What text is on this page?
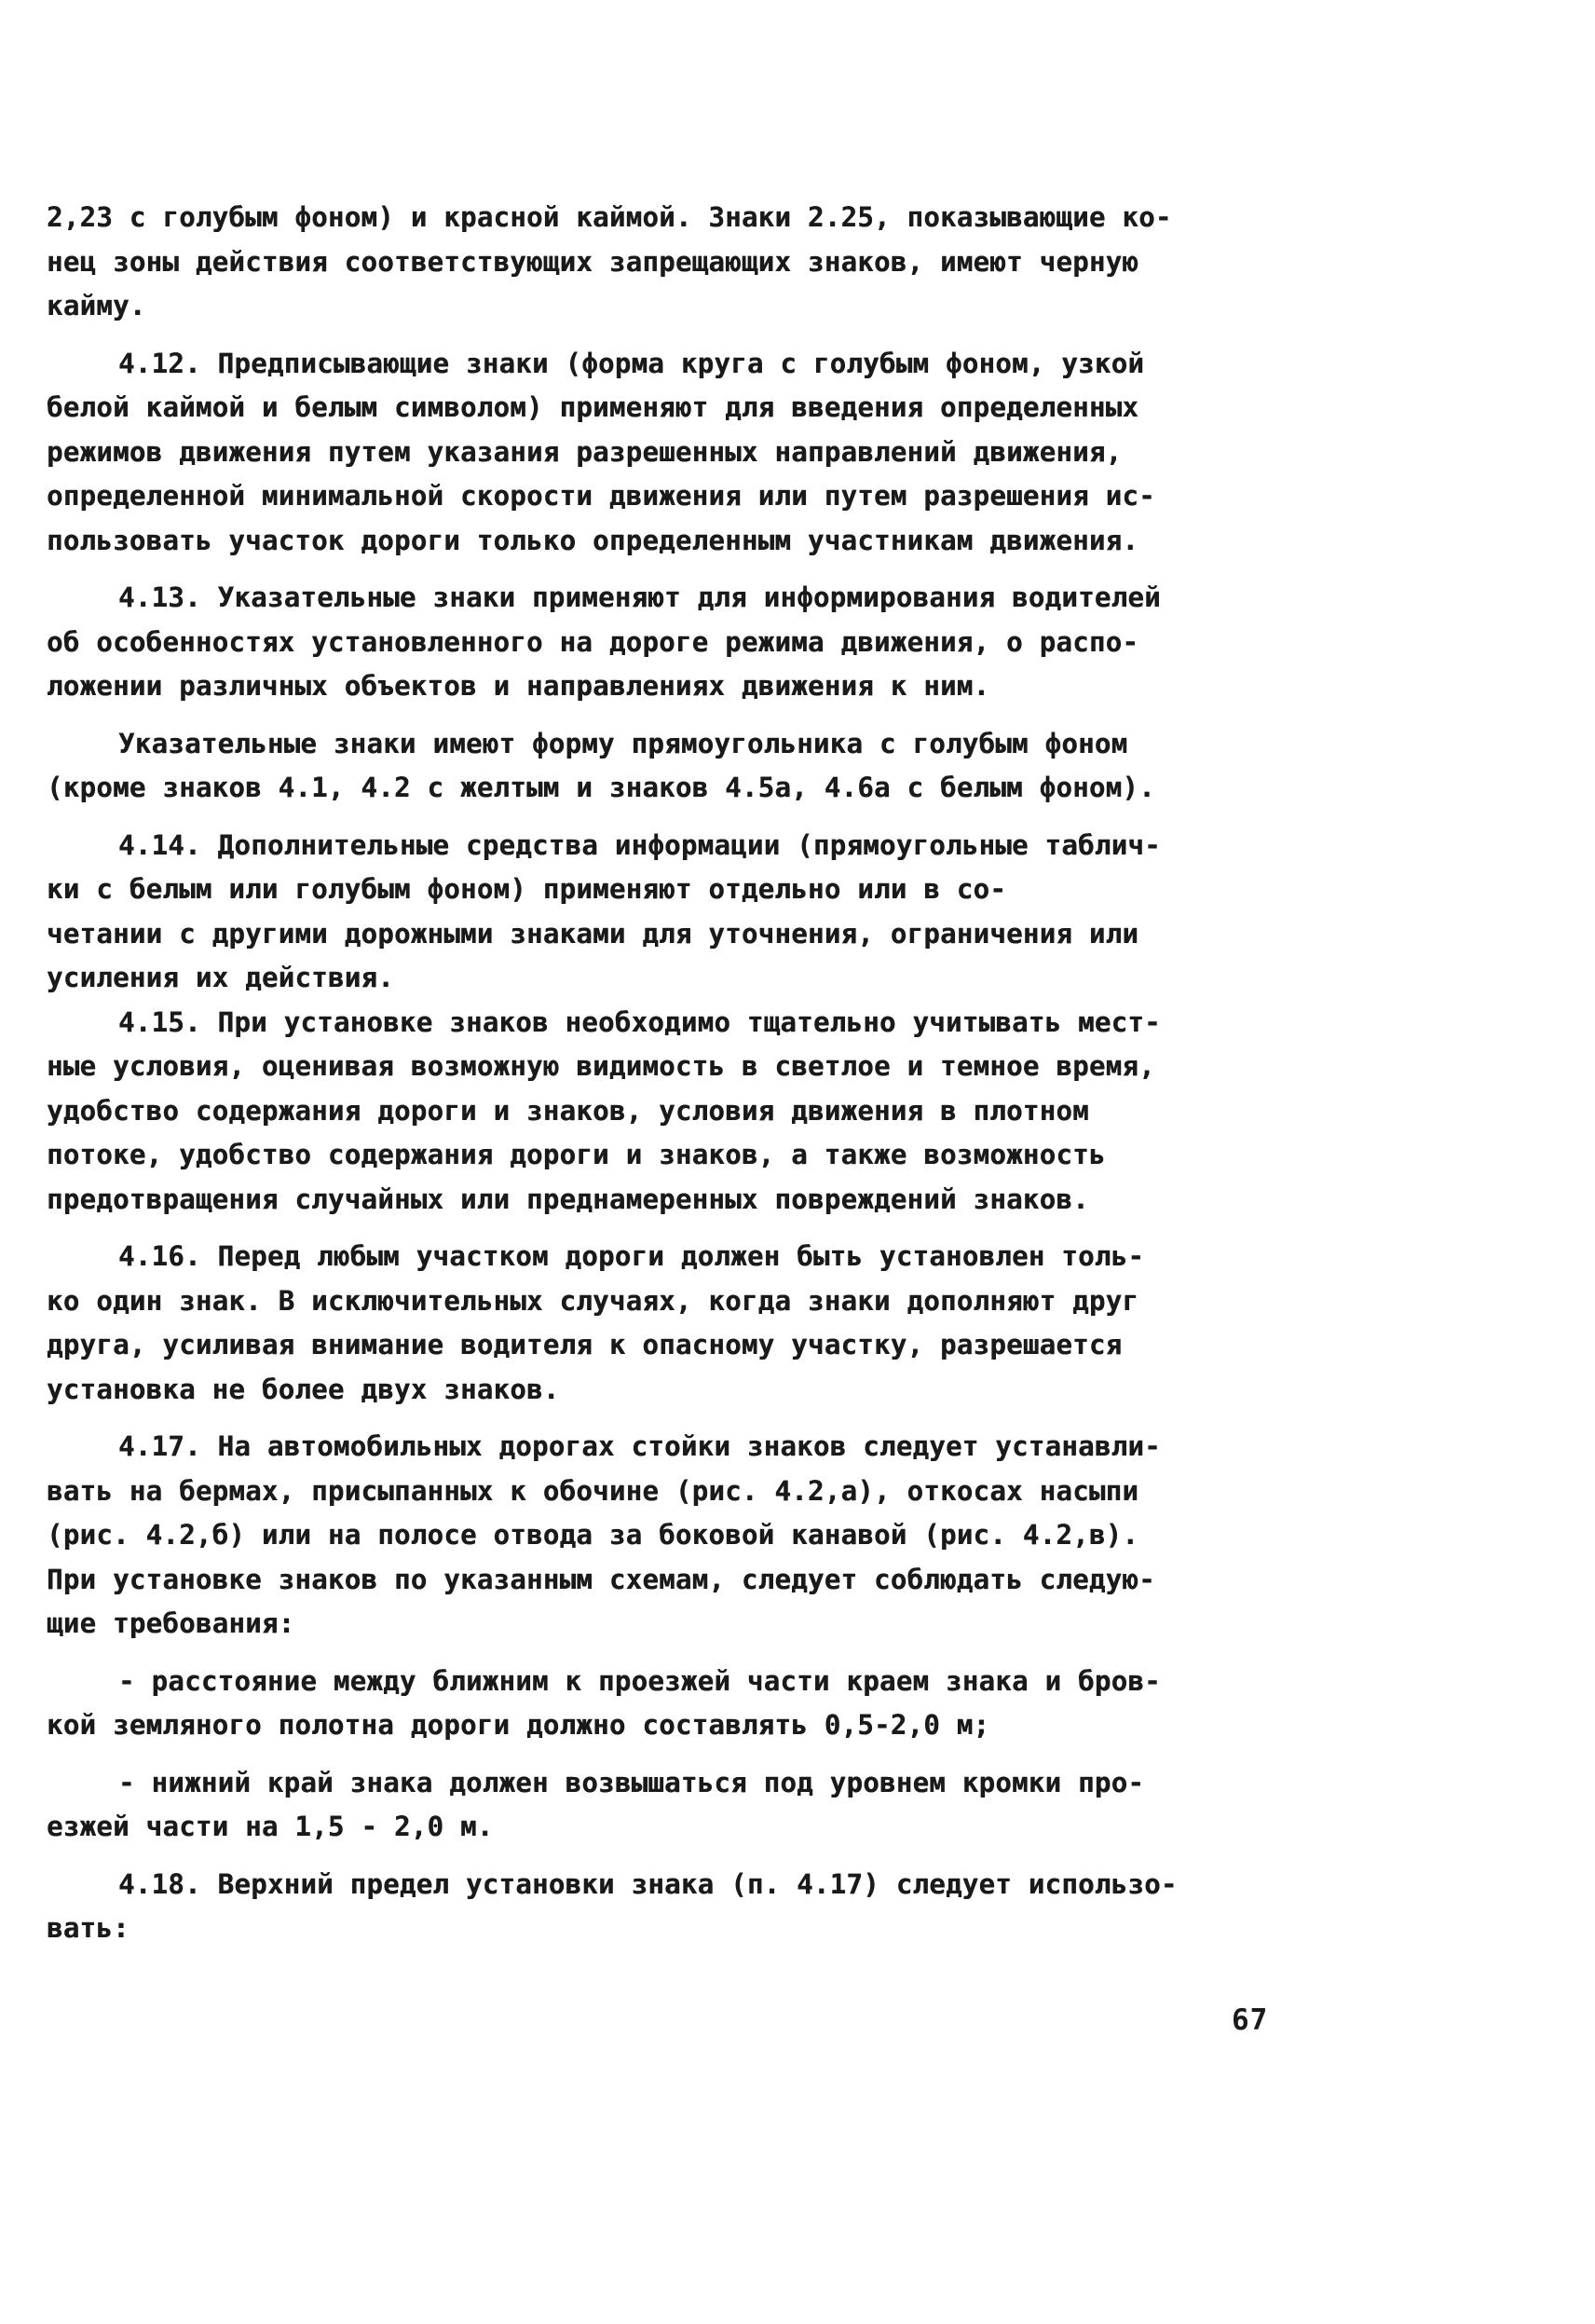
2,23 с голубым фоном) и красной каймой. Знаки 2.25, показывающие ко-
нец зоны действия соответствующих запрещающих знаков, имеют черную
кайму.
4.12. Предписывающие знаки (форма круга с голубым фоном, узкой
белой каймой и белым символом) применяют для введения определенных
режимов движения путем указания разрешенных направлений движения,
определенной минимальной скорости движения или путем разрешения ис-
пользовать участок дороги только определенным участникам движения.
4.13. Указательные знаки применяют для информирования водителей
об особенностях установленного на дороге режима движения, о распо-
ложении различных объектов и направлениях движения к ним.
Указательные знаки имеют форму прямоугольника с голубым фоном
(кроме знаков 4.1, 4.2 с желтым и знаков 4.5а, 4.6а с белым фоном).
4.14. Дополнительные средства информации (прямоугольные таблич-
ки с белым или голубым фоном) применяют отдельно или в со-
четании с другими дорожными знаками для уточнения, ограничения или
усиления их действия.
4.15. При установке знаков необходимо тщательно учитывать мест-
ные условия, оценивая возможную видимость в светлое и темное время,
удобство содержания дороги и знаков, условия движения в плотном
потоке, удобство содержания дороги и знаков, а также возможность
предотвращения случайных или преднамеренных повреждений знаков.
4.16. Перед любым участком дороги должен быть установлен толь-
ко один знак. В исключительных случаях, когда знаки дополняют друг
друга, усиливая внимание водителя к опасному участку, разрешается
установка не более двух знаков.
4.17. На автомобильных дорогах стойки знаков следует устанавли-
вать на бермах, присыпанных к обочине (рис. 4.2,а), откосах насыпи
(рис. 4.2,б) или на полосе отвода за боковой канавой (рис. 4.2,в).
При установке знаков по указанным схемам, следует соблюдать следую-
щие требования:
- расстояние между ближним к проезжей части краем знака и бров-
кой земляного полотна дороги должно составлять 0,5-2,0 м;
- нижний край знака должен возвышаться под уровнем кромки про-
езжей части на 1,5 - 2,0 м.
4.18. Верхний предел установки знака (п. 4.17) следует использо-
вать:
67
